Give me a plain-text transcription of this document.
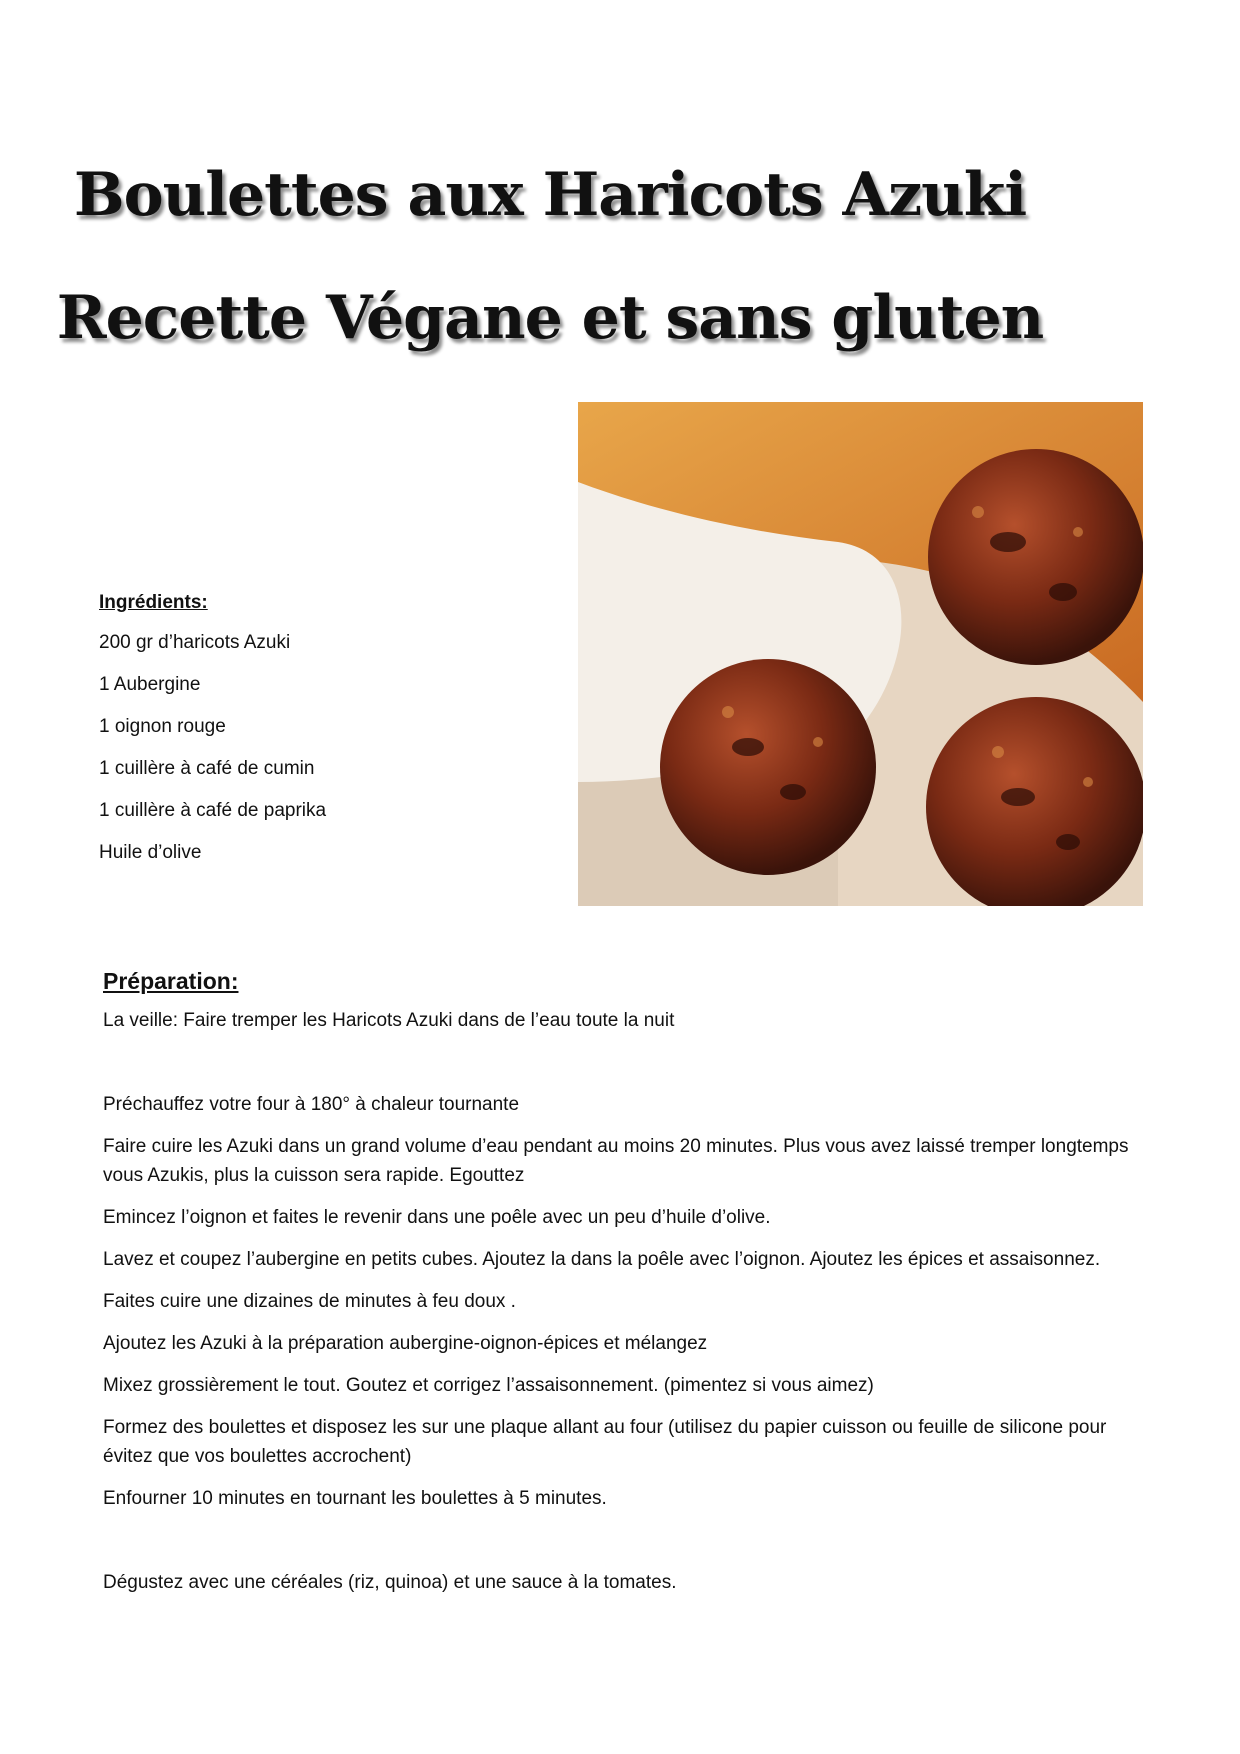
Boulettes aux Haricots Azuki
Recette Végane et sans gluten
Ingrédients:
200 gr d’haricots Azuki
1 Aubergine
1 oignon rouge
1 cuillère à café de cumin
1 cuillère à café de paprika
Huile d’olive
Préparation:

La veille: Faire tremper les Haricots Azuki dans de l’eau toute la nuit

Préchauffez votre four à 180° à chaleur tournante

Faire cuire les Azuki dans un grand volume d’eau pendant au moins 20 minutes. Plus vous avez laissé tremper longtemps vous Azukis, plus la cuisson sera rapide. Egouttez

Emincez l’oignon et faites le revenir dans une poêle avec un peu d’huile d’olive.

Lavez et coupez l’aubergine en petits cubes. Ajoutez la dans la poêle avec l’oignon. Ajoutez les épices et assaisonnez.

Faites cuire une dizaines de minutes à feu doux .

Ajoutez les Azuki à la préparation aubergine-oignon-épices et mélangez

Mixez grossièrement le tout. Goutez et corrigez l’assaisonnement. (pimentez si vous aimez)

Formez des boulettes et disposez les sur une plaque allant au four (utilisez du papier cuisson ou feuille de silicone pour évitez que vos boulettes accrochent)

Enfourner 10 minutes en tournant les boulettes à 5 minutes.

Dégustez avec une céréales (riz, quinoa) et une sauce à la tomates.
